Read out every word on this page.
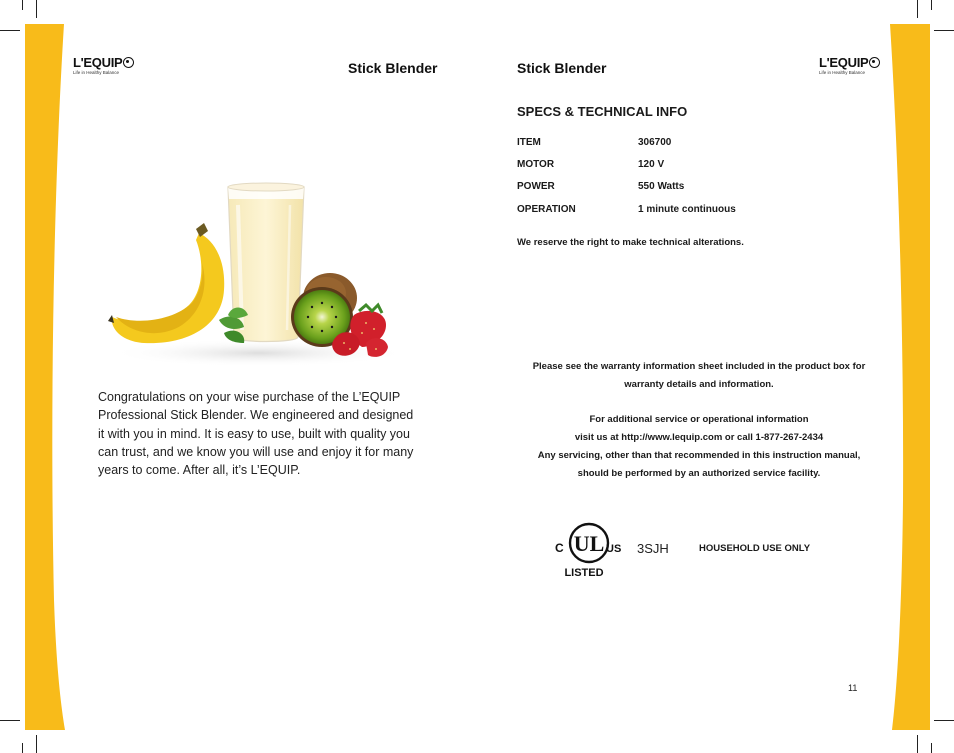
L'EQUIP
Life in Healthy Balance	Stick Blender	Stick Blender	L'EQUIP
Life in Healthy Balance
Congratulations on your wise purchase of the L’EQUIP Professional Stick Blender. We engineered and designed it with you in mind. It is easy to use, built with quality you can trust, and we know you will use and enjoy it for many years to come. After all, it’s L’EQUIP.
SPECS & TECHNICAL INFO
ITEM	306700
MOTOR	120 V
POWER	550 Watts
OPERATION	1 minute continuous
We reserve the right to make technical alterations.
Please see the warranty information sheet included in the product box for
warranty details and information.
For additional service or operational information
visit us at http://www.lequip.com or call 1-877-267-2434
Any servicing, other than that recommended in this instruction manual,
should be performed by an authorized service facility.
UL
C	US
LISTED
3SJH	HOUSEHOLD USE ONLY
11
